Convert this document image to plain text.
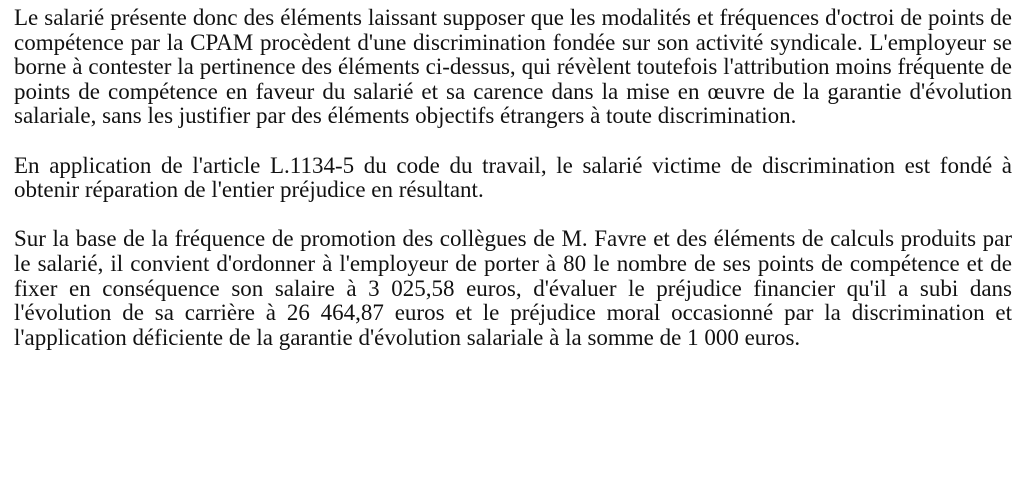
Le salarié présente donc des éléments laissant supposer que les modalités et fréquences d'octroi de points de compétence par la CPAM procèdent d'une discrimination fondée sur son activité syndicale. L'employeur se borne à contester la pertinence des éléments ci-dessus, qui révèlent toutefois l'attribution moins fréquente de points de compétence en faveur du salarié et sa carence dans la mise en œuvre de la garantie d'évolution salariale, sans les justifier par des éléments objectifs étrangers à toute discrimination.

En application de l'article L.1134-5 du code du travail, le salarié victime de discrimination est fondé à obtenir réparation de l'entier préjudice en résultant.

Sur la base de la fréquence de promotion des collègues de M. Favre et des éléments de calculs produits par le salarié, il convient d'ordonner à l'employeur de porter à 80 le nombre de ses points de compétence et de fixer en conséquence son salaire à 3 025,58 euros, d'évaluer le préjudice financier qu'il a subi dans l'évolution de sa carrière à 26 464,87 euros et le préjudice moral occasionné par la discrimination et l'application déficiente de la garantie d'évolution salariale à la somme de 1 000 euros.
